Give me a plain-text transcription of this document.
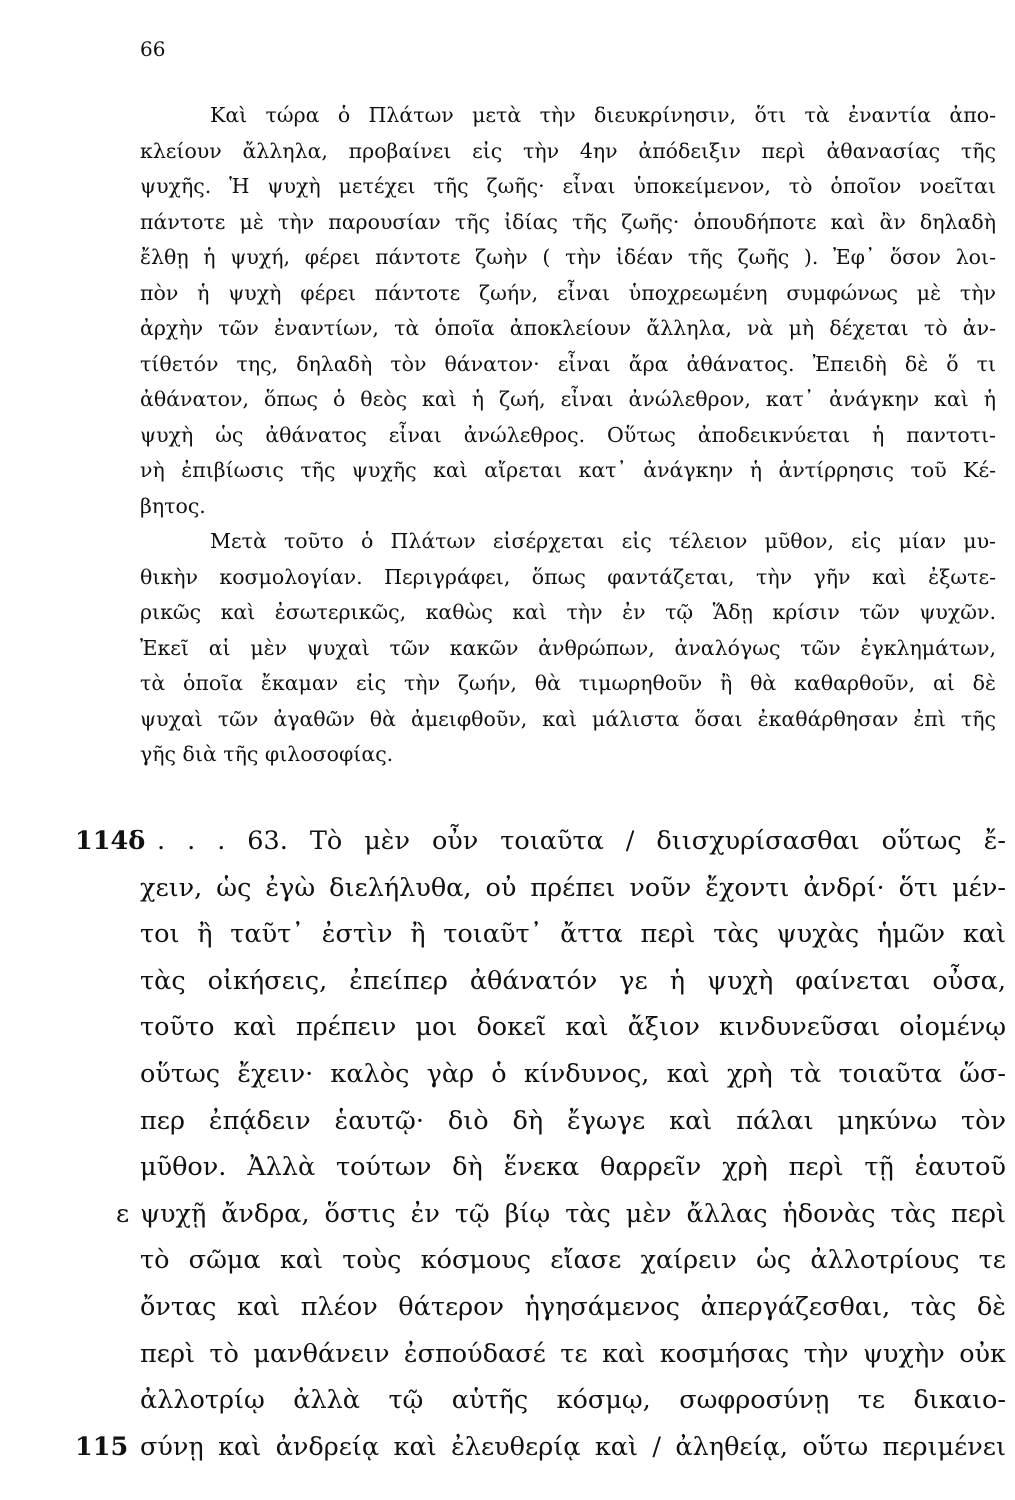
66
Καὶ τώρα ὁ Πλάτων μετὰ τὴν διευκρίνησιν, ὅτι τὰ ἐναντία ἀπο-
κλείουν ἄλληλα, προβαίνει εἰς τὴν 4ην ἀπόδειξιν περὶ ἀθανασίας τῆς
ψυχῆς. Ἡ ψυχὴ μετέχει τῆς ζωῆς· εἶναι ὑποκείμενον, τὸ ὁποῖον νοεῖται
πάντοτε μὲ τὴν παρουσίαν τῆς ἰδίας τῆς ζωῆς· ὁπουδήποτε καὶ ἂν δηλαδὴ
ἔλθῃ ἡ ψυχή, φέρει πάντοτε ζωὴν ( τὴν ἰδέαν τῆς ζωῆς ). Ἐφ᾽ ὅσον λοι-
πὸν ἡ ψυχὴ φέρει πάντοτε ζωήν, εἶναι ὑποχρεωμένη συμφώνως μὲ τὴν
ἀρχὴν τῶν ἐναντίων, τὰ ὁποῖα ἀποκλείουν ἄλληλα, νὰ μὴ δέχεται τὸ ἀν-
τίθετόν της, δηλαδὴ τὸν θάνατον· εἶναι ἄρα ἀθάνατος. Ἐπειδὴ δὲ ὅ τι
ἀθάνατον, ὅπως ὁ θεὸς καὶ ἡ ζωή, εἶναι ἀνώλεθρον, κατ᾽ ἀνάγκην καὶ ἡ
ψυχὴ ὡς ἀθάνατος εἶναι ἀνώλεθρος. Οὕτως ἀποδεικνύεται ἡ παντοτι-
νὴ ἐπιβίωσις τῆς ψυχῆς καὶ αἴρεται κατ᾽ ἀνάγκην ἡ ἀντίρρησις τοῦ Κέ-
βητος.
Μετὰ τοῦτο ὁ Πλάτων εἰσέρχεται εἰς τέλειον μῦθον, εἰς μίαν μυ-
θικὴν κοσμολογίαν. Περιγράφει, ὅπως φαντάζεται, τὴν γῆν καὶ ἐξωτε-
ρικῶς καὶ ἐσωτερικῶς, καθὼς καὶ τὴν ἐν τῷ Ἅδῃ κρίσιν τῶν ψυχῶν.
Ἐκεῖ αἱ μὲν ψυχαὶ τῶν κακῶν ἀνθρώπων, ἀναλόγως τῶν ἐγκλημάτων,
τὰ ὁποῖα ἔκαμαν εἰς τὴν ζωήν, θὰ τιμωρηθοῦν ἢ θὰ καθαρθοῦν, αἱ δὲ
ψυχαὶ τῶν ἀγαθῶν θὰ ἀμειφθοῦν, καὶ μάλιστα ὅσαι ἐκαθάρθησαν ἐπὶ τῆς
γῆς διὰ τῆς φιλοσοφίας.
114δ . . . 63. Τὸ μὲν οὖν τοιαῦτα / διισχυρίσασθαι οὕτως ἔ-
χειν, ὡς ἐγὼ διελήλυθα, οὐ πρέπει νοῦν ἔχοντι ἀνδρί· ὅτι μέν-
τοι ἢ ταῦτ᾽ ἐστὶν ἢ τοιαῦτ᾽ ἄττα περὶ τὰς ψυχὰς ἡμῶν καὶ
τὰς οἰκήσεις, ἐπείπερ ἀθάνατόν γε ἡ ψυχὴ φαίνεται οὖσα,
τοῦτο καὶ πρέπειν μοι δοκεῖ καὶ ἄξιον κινδυνεῦσαι οἰομένῳ
οὕτως ἔχειν· καλὸς γὰρ ὁ κίνδυνος, καὶ χρὴ τὰ τοιαῦτα ὥσ-
περ ἐπᾴδειν ἑαυτῷ· διὸ δὴ ἔγωγε καὶ πάλαι μηκύνω τὸν
μῦθον. Ἀλλὰ τούτων δὴ ἕνεκα θαρρεῖν χρὴ περὶ τῇ ἑαυτοῦ
ε ψυχῇ ἄνδρα, ὅστις ἐν τῷ βίῳ τὰς μὲν ἄλλας ἡδονὰς τὰς περὶ
τὸ σῶμα καὶ τοὺς κόσμους εἴασε χαίρειν ὡς ἀλλοτρίους τε
ὄντας καὶ πλέον θάτερον ἡγησάμενος ἀπεργάζεσθαι, τὰς δὲ
περὶ τὸ μανθάνειν ἐσπούδασέ τε καὶ κοσμήσας τὴν ψυχὴν οὐκ
ἀλλοτρίῳ ἀλλὰ τῷ αὑτῆς κόσμῳ, σωφροσύνῃ τε δικαιο-
115 σύνῃ καὶ ἀνδρείᾳ καὶ ἐλευθερίᾳ καὶ / ἀληθείᾳ, οὕτω περιμένει
